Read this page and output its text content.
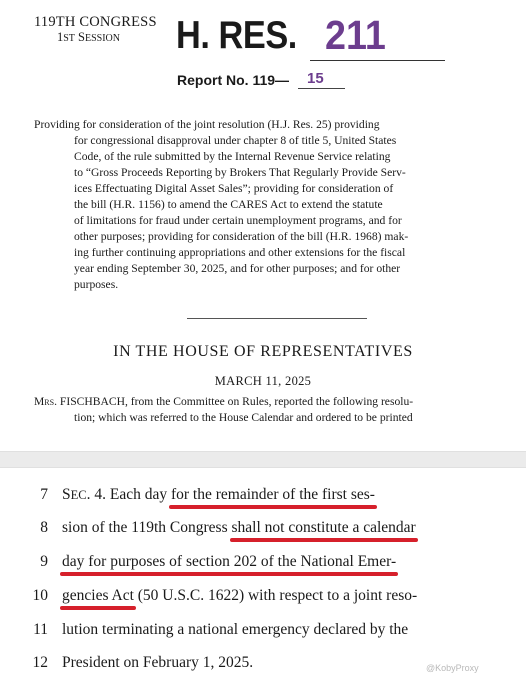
119TH CONGRESS
1ST SESSION H. RES. 211
Report No. 119— 15
Providing for consideration of the joint resolution (H.J. Res. 25) providing
for congressional disapproval under chapter 8 of title 5, United States
Code, of the rule submitted by the Internal Revenue Service relating
to “Gross Proceeds Reporting by Brokers That Regularly Provide Serv-
ices Effectuating Digital Asset Sales”; providing for consideration of
the bill (H.R. 1156) to amend the CARES Act to extend the statute
of limitations for fraud under certain unemployment programs, and for
other purposes; providing for consideration of the bill (H.R. 1968) mak-
ing further continuing appropriations and other extensions for the fiscal
year ending September 30, 2025, and for other purposes; and for other
purposes.
IN THE HOUSE OF REPRESENTATIVES
MARCH 11, 2025
Mrs. FISCHBACH, from the Committee on Rules, reported the following resolu-
tion; which was referred to the House Calendar and ordered to be printed
7 SEC. 4. Each day for the remainder of the first ses-
8 sion of the 119th Congress shall not constitute a calendar
9 day for purposes of section 202 of the National Emer-
10 gencies Act (50 U.S.C. 1622) with respect to a joint reso-
11 lution terminating a national emergency declared by the
12 President on February 1, 2025.	@KobyProxy
